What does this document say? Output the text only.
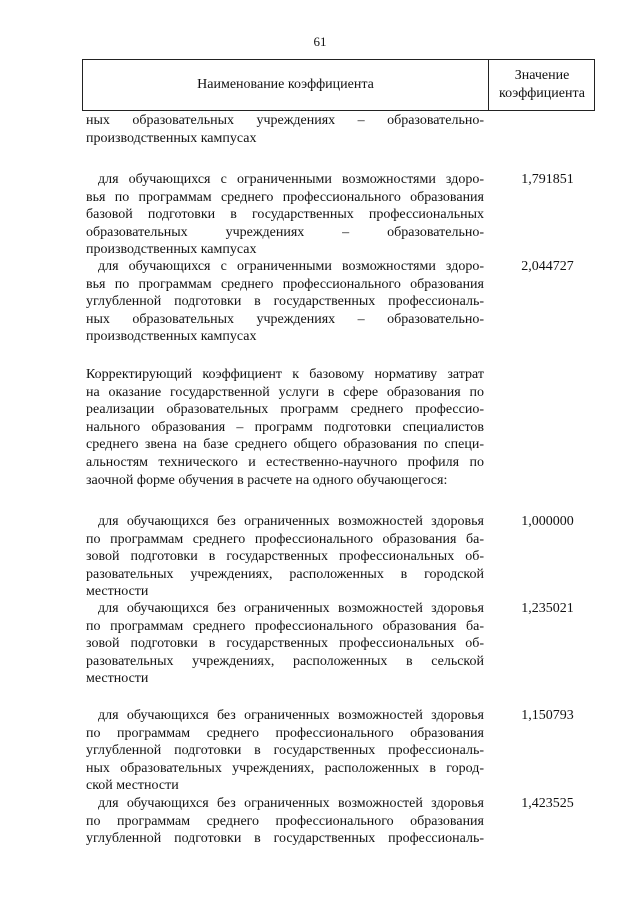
61
Наименование коэффициента
Значение
коэффициента
ных образовательных учреждениях – образовательно-
производственных кампусах
для обучающихся с ограниченными возможностями здоро-
вья по программам среднего профессионального образования
базовой подготовки в государственных профессиональных
образовательных учреждениях – образовательно-
производственных кампусах
1,791851
для обучающихся с ограниченными возможностями здоро-
вья по программам среднего профессионального образования
углубленной подготовки в государственных профессиональ-
ных образовательных учреждениях – образовательно-
производственных кампусах
2,044727
Корректирующий коэффициент к базовому нормативу затрат
на оказание государственной услуги в сфере образования по
реализации образовательных программ среднего профессио-
нального образования – программ подготовки специалистов
среднего звена на базе среднего общего образования по специ-
альностям технического и естественно-научного профиля по
заочной форме обучения в расчете на одного обучающегося:
для обучающихся без ограниченных возможностей здоровья
по программам среднего профессионального образования ба-
зовой подготовки в государственных профессиональных об-
разовательных учреждениях, расположенных в городской
местности
1,000000
для обучающихся без ограниченных возможностей здоровья
по программам среднего профессионального образования ба-
зовой подготовки в государственных профессиональных об-
разовательных учреждениях, расположенных в сельской
местности
1,235021
для обучающихся без ограниченных возможностей здоровья
по программам среднего профессионального образования
углубленной подготовки в государственных профессиональ-
ных образовательных учреждениях, расположенных в город-
ской местности
1,150793
для обучающихся без ограниченных возможностей здоровья
по программам среднего профессионального образования
углубленной подготовки в государственных профессиональ-
1,423525
